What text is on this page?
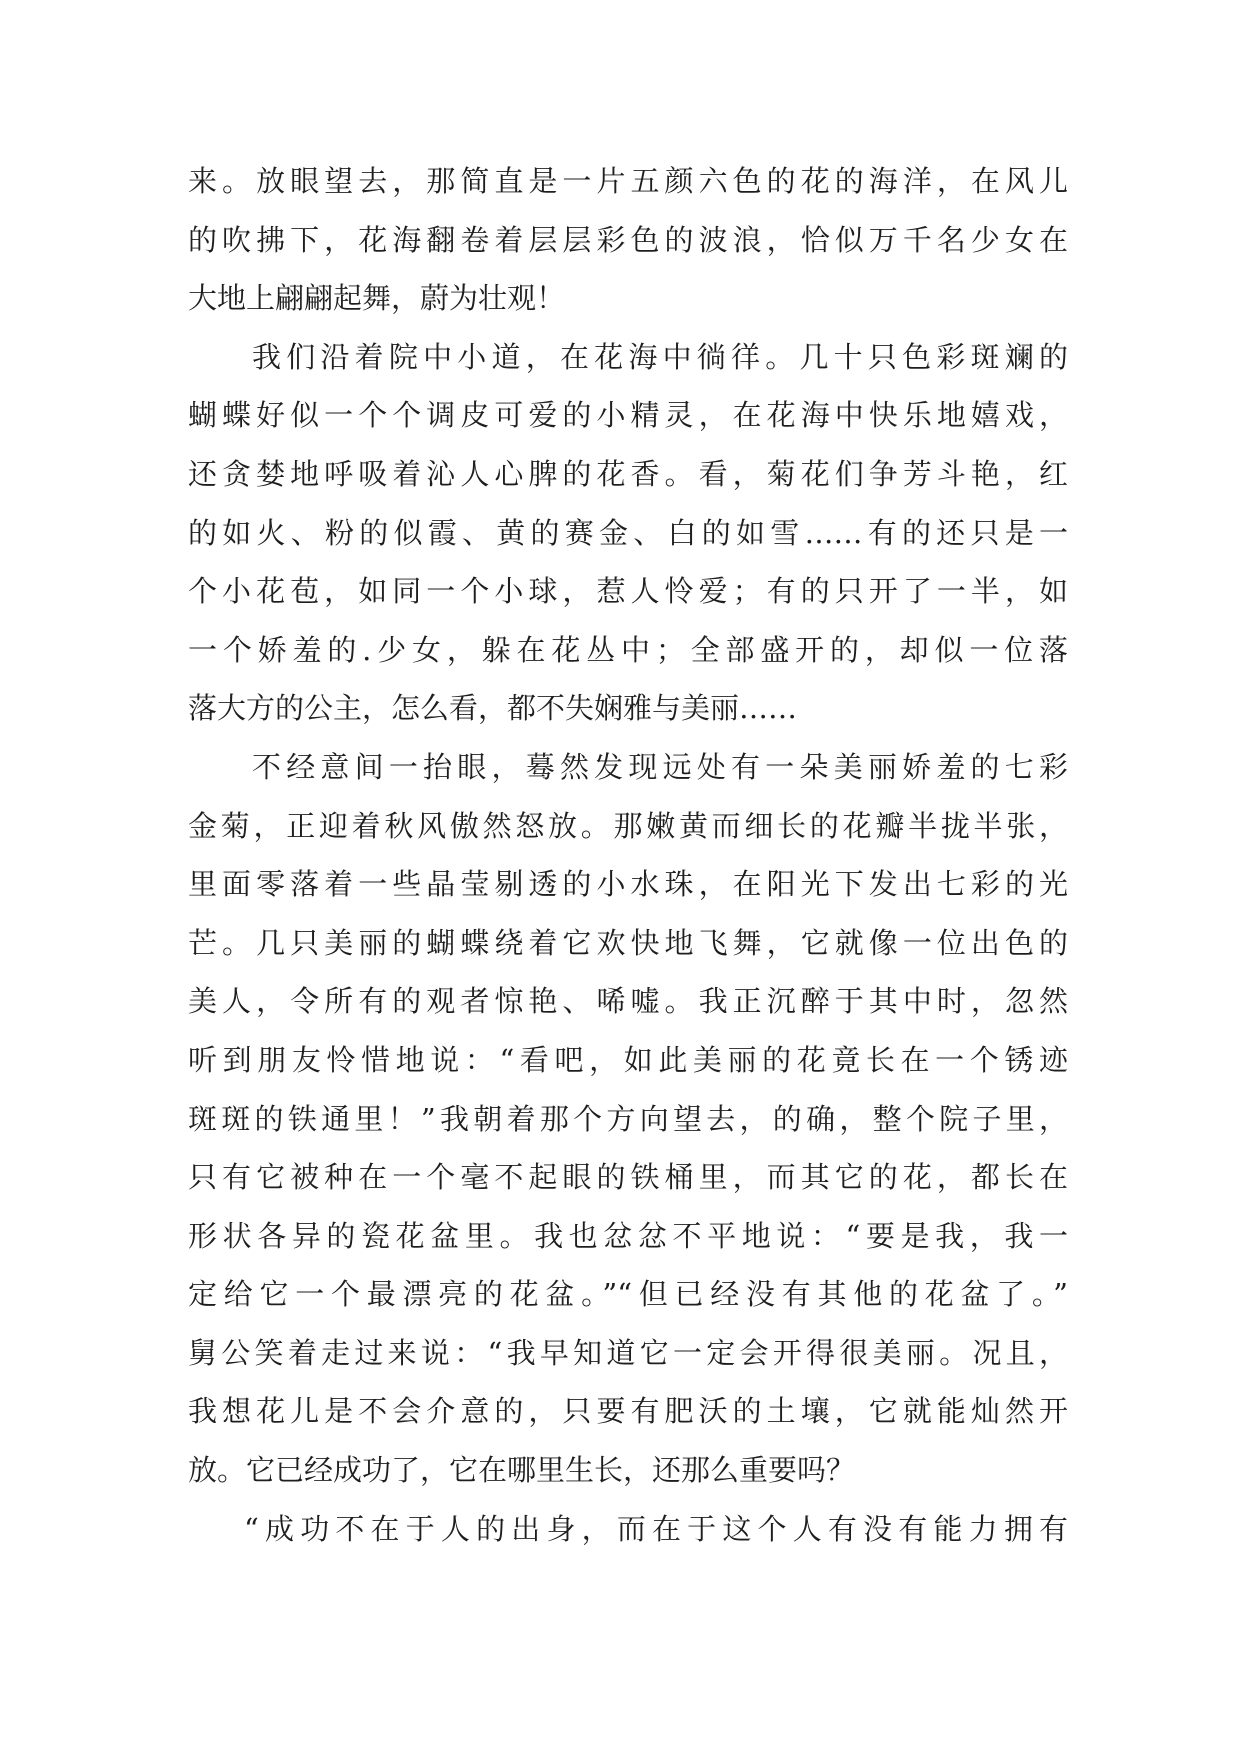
来。放眼望去，那简直是一片五颜六色的花的海洋，在风儿
的吹拂下，花海翻卷着层层彩色的波浪，恰似万千名少女在
大地上翩翩起舞，蔚为壮观！
我们沿着院中小道，在花海中徜徉。几十只色彩斑斓的
蝴蝶好似一个个调皮可爱的小精灵，在花海中快乐地嬉戏，
还贪婪地呼吸着沁人心脾的花香。看，菊花们争芳斗艳，红
的如火、粉的似霞、黄的赛金、白的如雪……有的还只是一
个小花苞，如同一个小球，惹人怜爱；有的只开了一半，如
一个娇羞的.少女，躲在花丛中；全部盛开的，却似一位落
落大方的公主，怎么看，都不失娴雅与美丽……
不经意间一抬眼，蓦然发现远处有一朵美丽娇羞的七彩
金菊，正迎着秋风傲然怒放。那嫩黄而细长的花瓣半拢半张，
里面零落着一些晶莹剔透的小水珠，在阳光下发出七彩的光
芒。几只美丽的蝴蝶绕着它欢快地飞舞，它就像一位出色的
美人，令所有的观者惊艳、唏嘘。我正沉醉于其中时，忽然
听到朋友怜惜地说：“看吧，如此美丽的花竟长在一个锈迹
斑斑的铁通里！”我朝着那个方向望去，的确，整个院子里，
只有它被种在一个毫不起眼的铁桶里，而其它的花，都长在
形状各异的瓷花盆里。我也忿忿不平地说：“要是我，我一
定给它一个最漂亮的花盆。”“但已经没有其他的花盆了。”
舅公笑着走过来说：“我早知道它一定会开得很美丽。况且，
我想花儿是不会介意的，只要有肥沃的土壤，它就能灿然开
放。它已经成功了，它在哪里生长，还那么重要吗？
“成功不在于人的出身，而在于这个人有没有能力拥有
